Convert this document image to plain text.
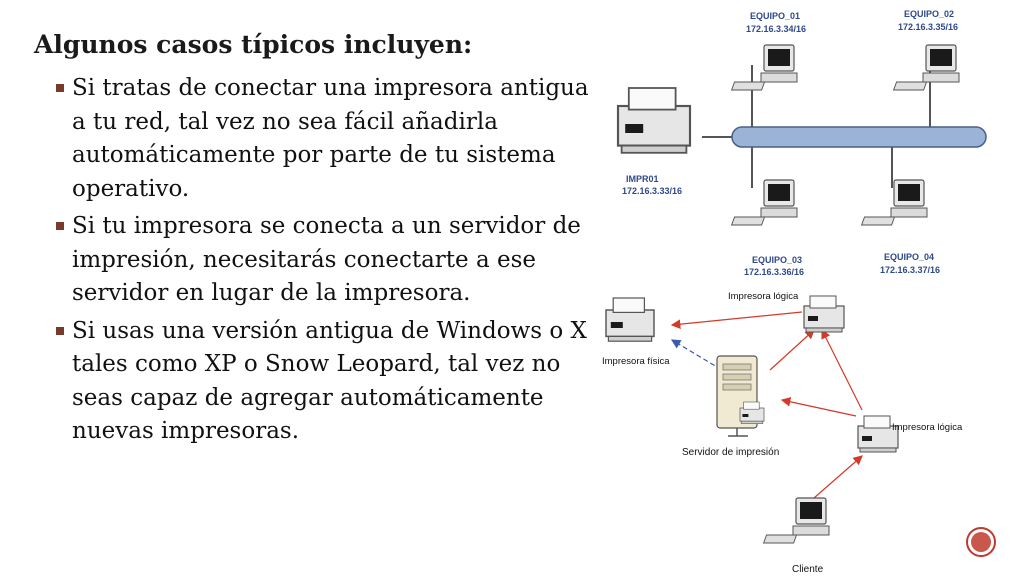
Algunos casos típicos incluyen:
Si tratas de conectar una impresora antigua a tu red, tal vez no sea fácil añadirla automáticamente por parte de tu sistema operativo.
Si tu impresora se conecta a un servidor de impresión, necesitarás conectarte a ese servidor en lugar de la impresora.
Si usas una versión antigua de Windows o X tales como XP o Snow Leopard, tal vez no seas capaz de agregar automáticamente nuevas impresoras.
EQUIPO_01
172.16.3.34/16
EQUIPO_02
172.16.3.35/16
EQUIPO_03
172.16.3.36/16
EQUIPO_04
172.16.3.37/16
IMPR01
172.16.3.33/16
Impresora lógica
Impresora física
Servidor de impresión
Impresora lógica
Cliente
